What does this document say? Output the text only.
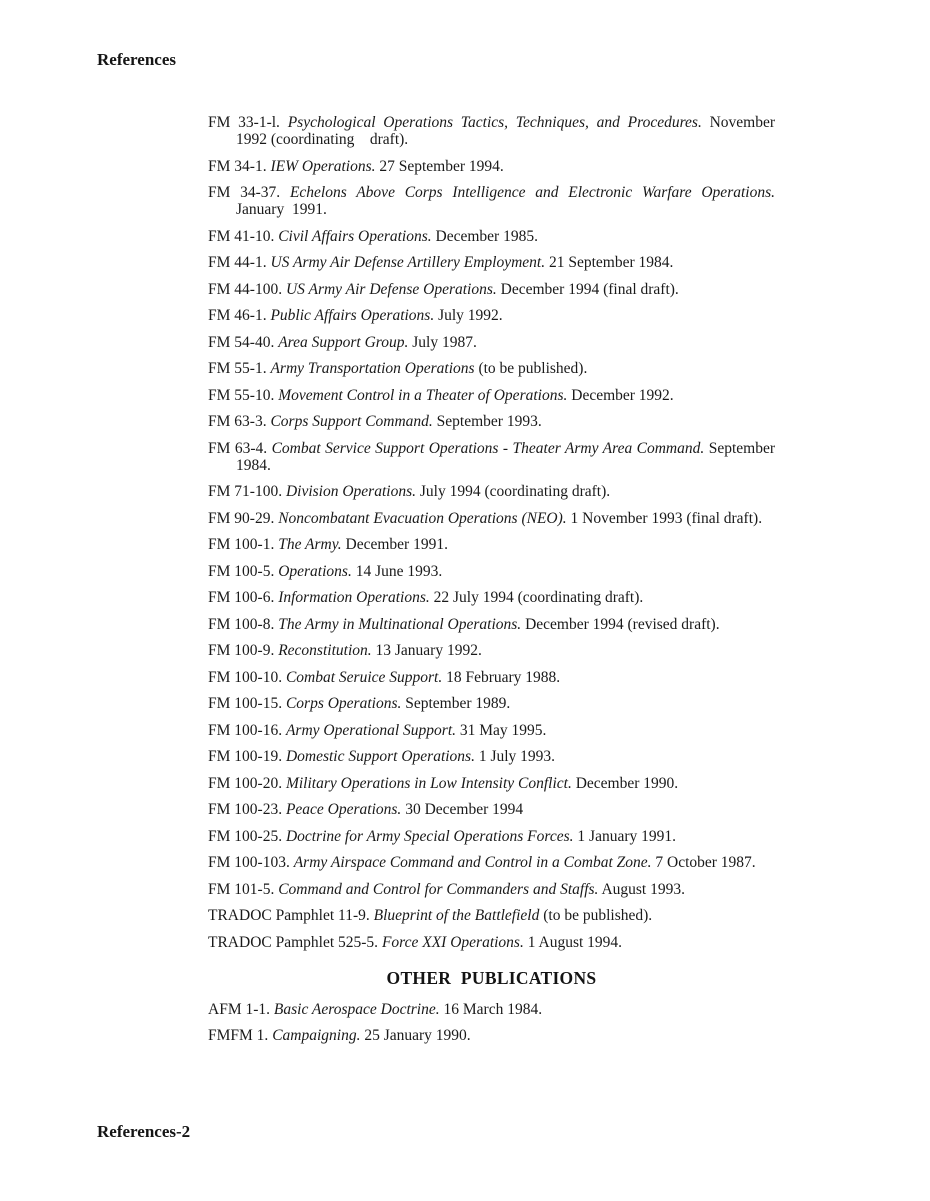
References
FM 33-1-l. Psychological Operations Tactics, Techniques, and Procedures. November 1992 (coordinating    draft).
FM 34-1. IEW Operations. 27 September 1994.
FM 34-37. Echelons Above Corps Intelligence and Electronic Warfare Operations. January  1991.
FM 41-10. Civil Affairs Operations. December 1985.
FM 44-1. US Army Air Defense Artillery Employment. 21 September 1984.
FM 44-100. US Army Air Defense Operations. December 1994 (final draft).
FM 46-1. Public Affairs Operations. July 1992.
FM 54-40. Area Support Group. July 1987.
FM 55-1. Army Transportation Operations (to be published).
FM 55-10. Movement Control in a Theater of Operations. December 1992.
FM 63-3. Corps Support Command. September 1993.
FM 63-4. Combat Service Support Operations - Theater Army Area Command. September 1984.
FM 71-100. Division Operations. July 1994 (coordinating draft).
FM 90-29. Noncombatant Evacuation Operations (NEO). 1 November 1993 (final draft).
FM 100-1. The Army. December 1991.
FM 100-5. Operations. 14 June 1993.
FM 100-6. Information Operations. 22 July 1994 (coordinating draft).
FM 100-8. The Army in Multinational Operations. December 1994 (revised draft).
FM 100-9. Reconstitution. 13 January 1992.
FM 100-10. Combat Seruice Support. 18 February 1988.
FM 100-15. Corps Operations. September 1989.
FM 100-16. Army Operational Support. 31 May 1995.
FM 100-19. Domestic Support Operations. 1 July 1993.
FM 100-20. Military Operations in Low Intensity Conflict. December 1990.
FM 100-23. Peace Operations. 30 December 1994
FM 100-25. Doctrine for Army Special Operations Forces. 1 January 1991.
FM 100-103. Army Airspace Command and Control in a Combat Zone. 7 October 1987.
FM 101-5. Command and Control for Commanders and Staffs. August 1993.
TRADOC Pamphlet 11-9. Blueprint of the Battlefield (to be published).
TRADOC Pamphlet 525-5. Force XXI Operations. 1 August 1994.
OTHER PUBLICATIONS
AFM 1-1. Basic Aerospace Doctrine. 16 March 1984.
FMFM 1. Campaigning. 25 January 1990.
References-2
